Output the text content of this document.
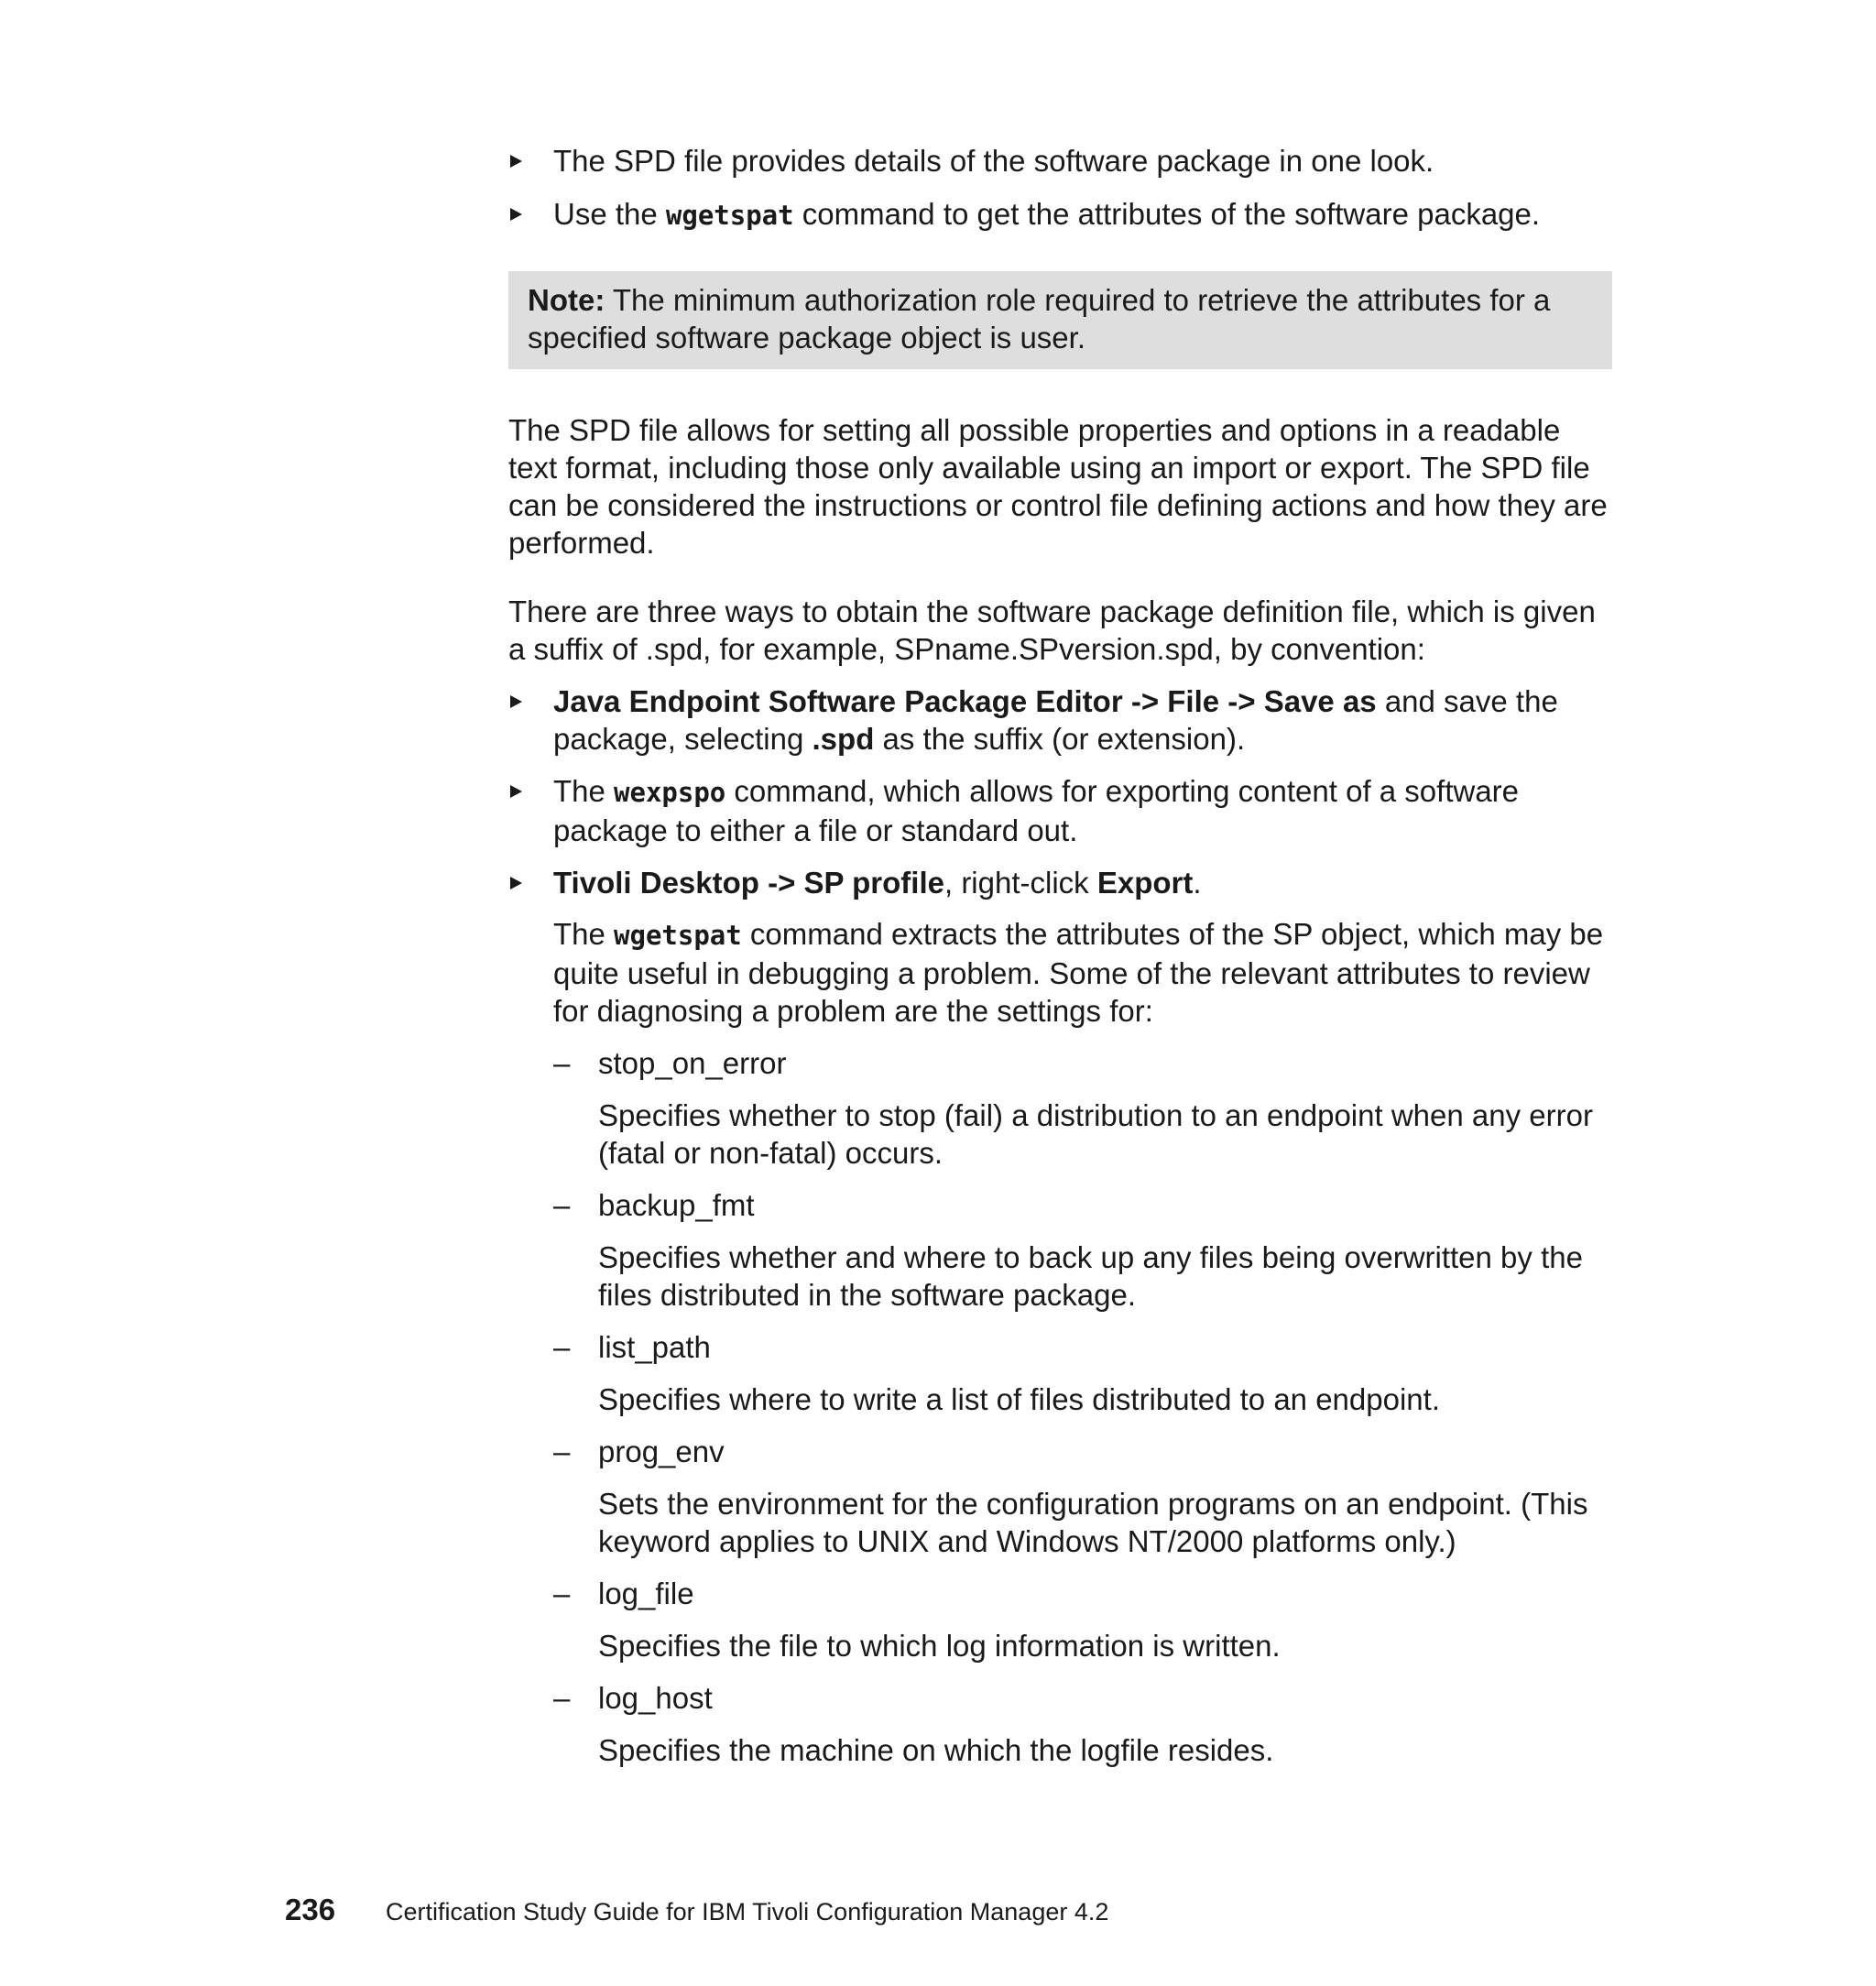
The SPD file provides details of the software package in one look.
Use the wgetspat command to get the attributes of the software package.
Note: The minimum authorization role required to retrieve the attributes for a specified software package object is user.
The SPD file allows for setting all possible properties and options in a readable text format, including those only available using an import or export. The SPD file can be considered the instructions or control file defining actions and how they are performed.
There are three ways to obtain the software package definition file, which is given a suffix of .spd, for example, SPname.SPversion.spd, by convention:
Java Endpoint Software Package Editor -> File -> Save as and save the package, selecting .spd as the suffix (or extension).
The wexpspo command, which allows for exporting content of a software package to either a file or standard out.
Tivoli Desktop -> SP profile, right-click Export.
The wgetspat command extracts the attributes of the SP object, which may be quite useful in debugging a problem. Some of the relevant attributes to review for diagnosing a problem are the settings for:
– stop_on_error
Specifies whether to stop (fail) a distribution to an endpoint when any error (fatal or non-fatal) occurs.
– backup_fmt
Specifies whether and where to back up any files being overwritten by the files distributed in the software package.
– list_path
Specifies where to write a list of files distributed to an endpoint.
– prog_env
Sets the environment for the configuration programs on an endpoint. (This keyword applies to UNIX and Windows NT/2000 platforms only.)
– log_file
Specifies the file to which log information is written.
– log_host
Specifies the machine on which the logfile resides.
236 Certification Study Guide for IBM Tivoli Configuration Manager 4.2
